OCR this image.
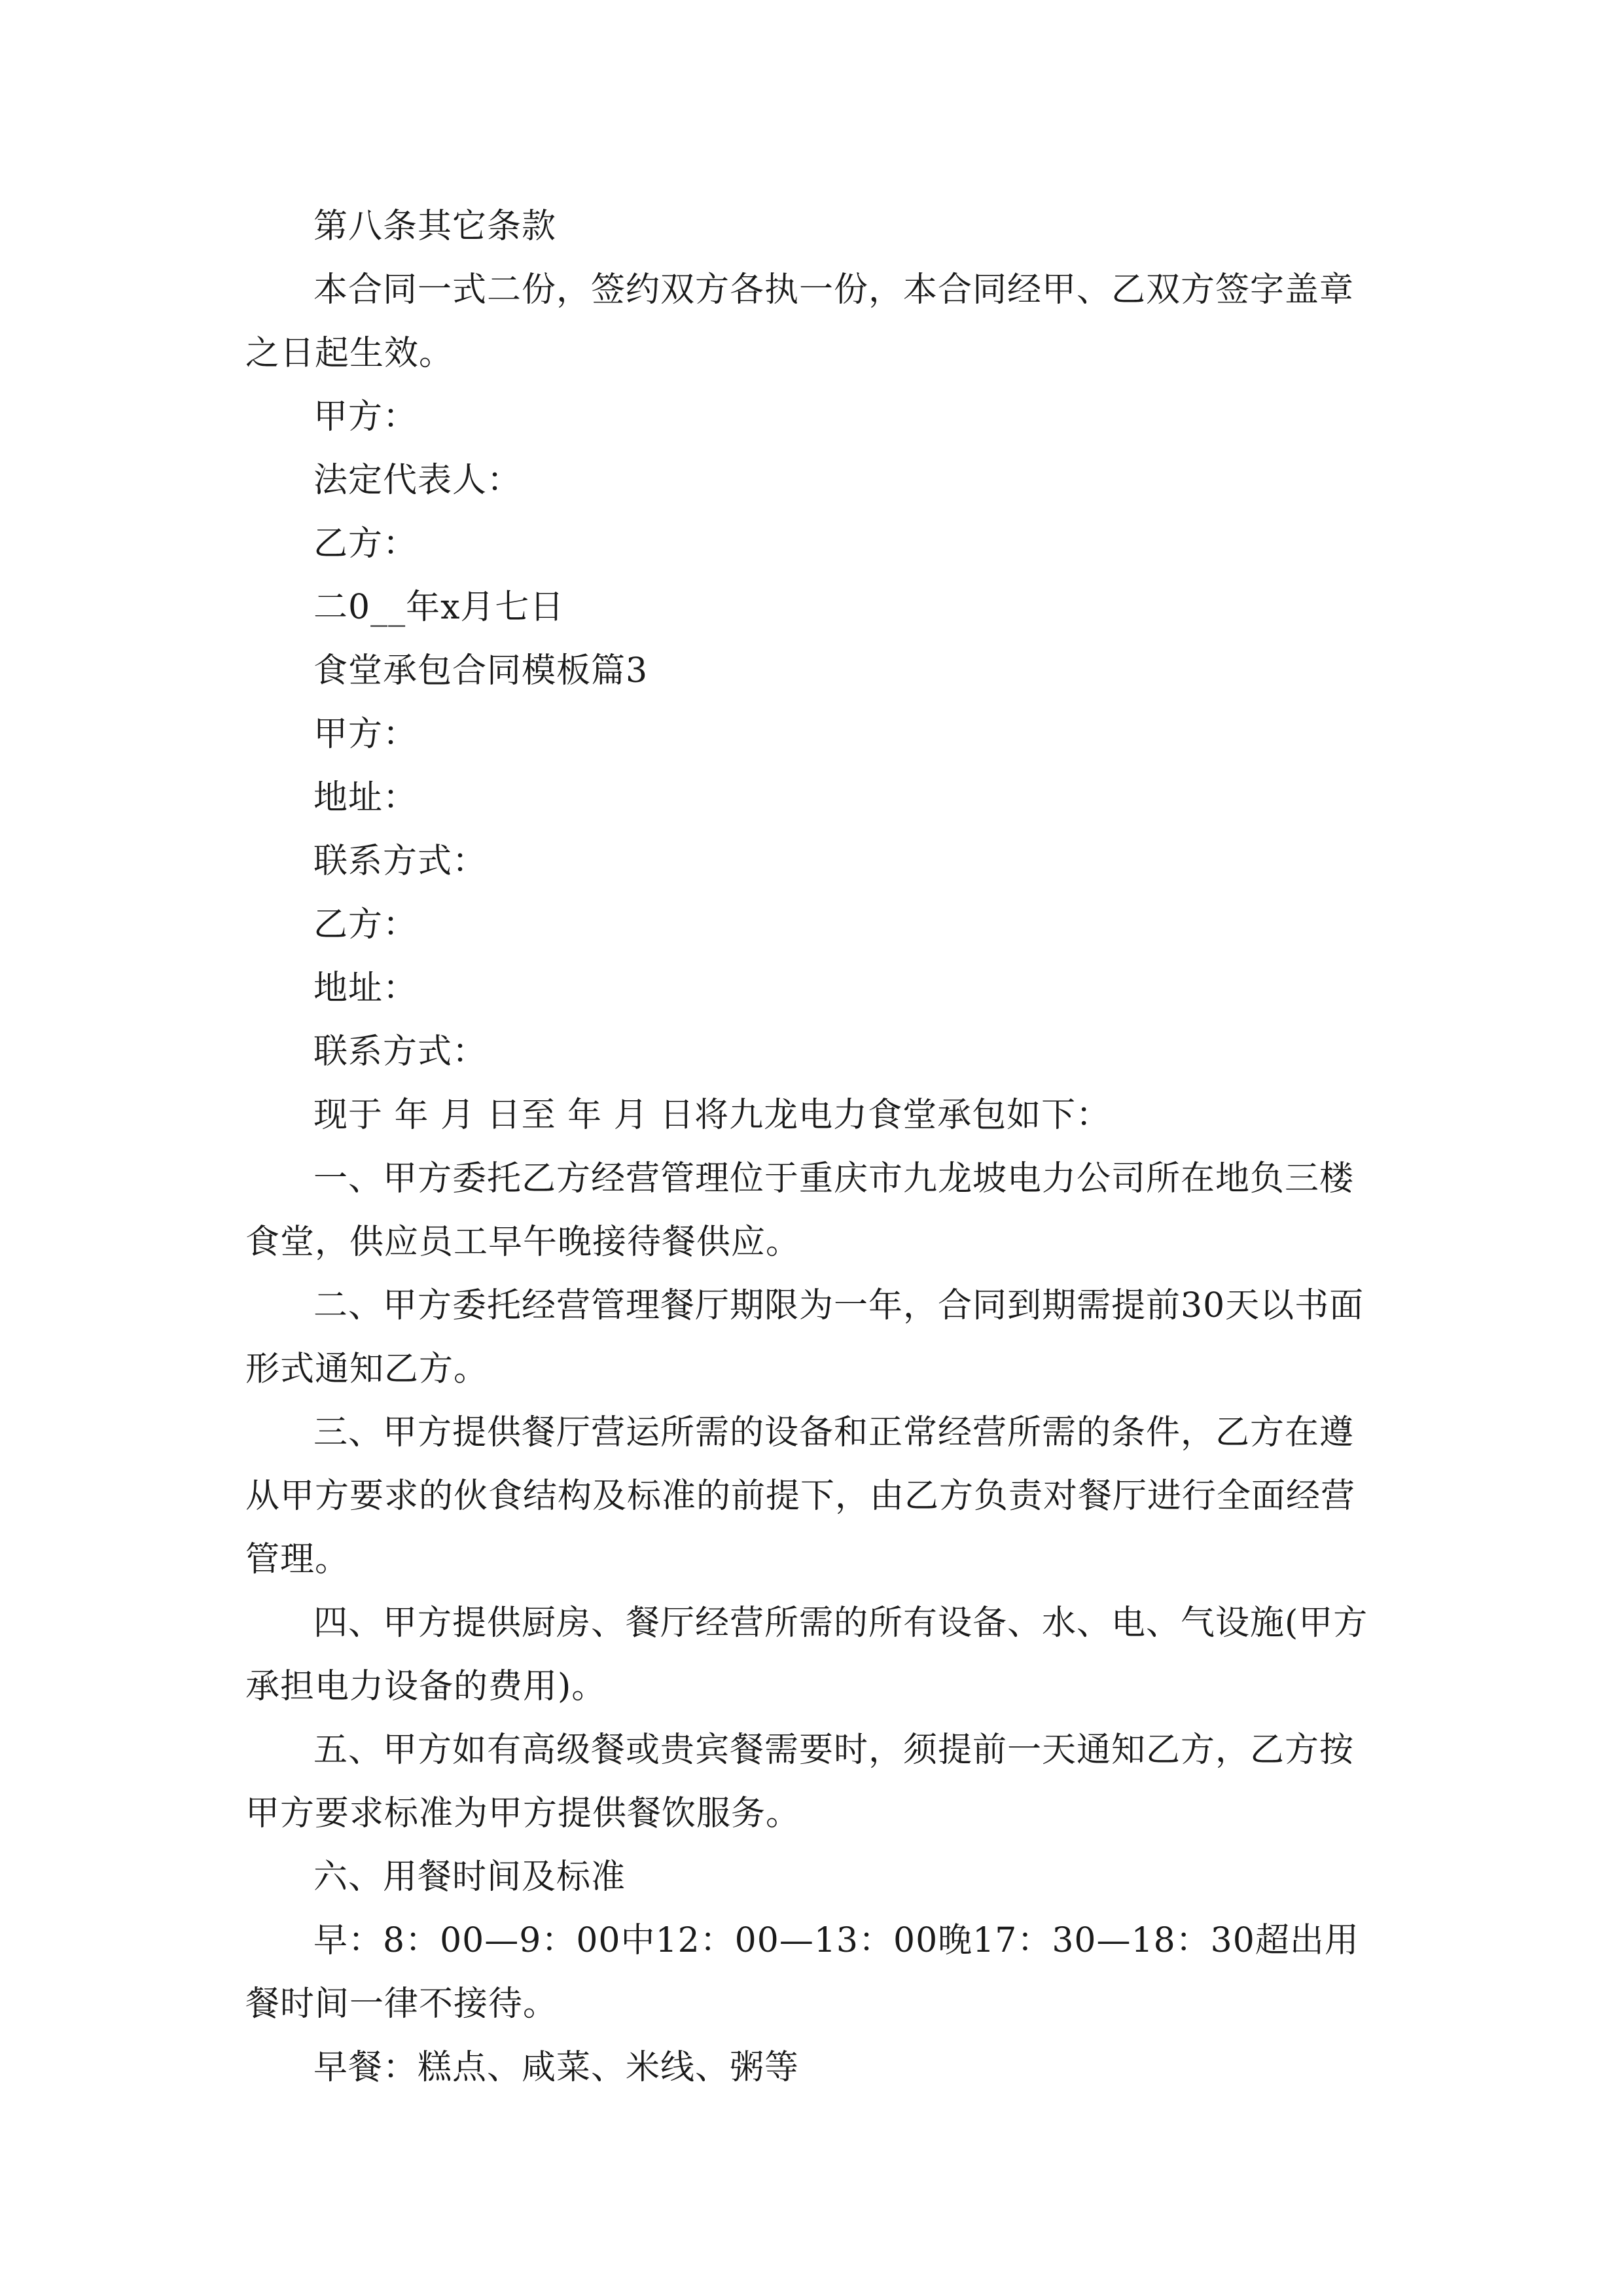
第八条其它条款

本合同一式二份，签约双方各执一份，本合同经甲、乙双方签字盖章之日起生效。

甲方：

法定代表人：

乙方：

二0__年x月七日

食堂承包合同模板篇3

甲方：

地址：

联系方式：

乙方：

地址：

联系方式：

现于 年 月 日至 年 月 日将九龙电力食堂承包如下：

一、甲方委托乙方经营管理位于重庆市九龙坡电力公司所在地负三楼食堂，供应员工早午晚接待餐供应。

二、甲方委托经营管理餐厅期限为一年，合同到期需提前30天以书面形式通知乙方。

三、甲方提供餐厅营运所需的设备和正常经营所需的条件，乙方在遵从甲方要求的伙食结构及标准的前提下，由乙方负责对餐厅进行全面经营管理。

四、甲方提供厨房、餐厅经营所需的所有设备、水、电、气设施(甲方承担电力设备的费用)。

五、甲方如有高级餐或贵宾餐需要时，须提前一天通知乙方，乙方按甲方要求标准为甲方提供餐饮服务。

六、用餐时间及标准

早：8：00—9：00中12：00—13：00晚17：30—18：30超出用餐时间一律不接待。

早餐：糕点、咸菜、米线、粥等
